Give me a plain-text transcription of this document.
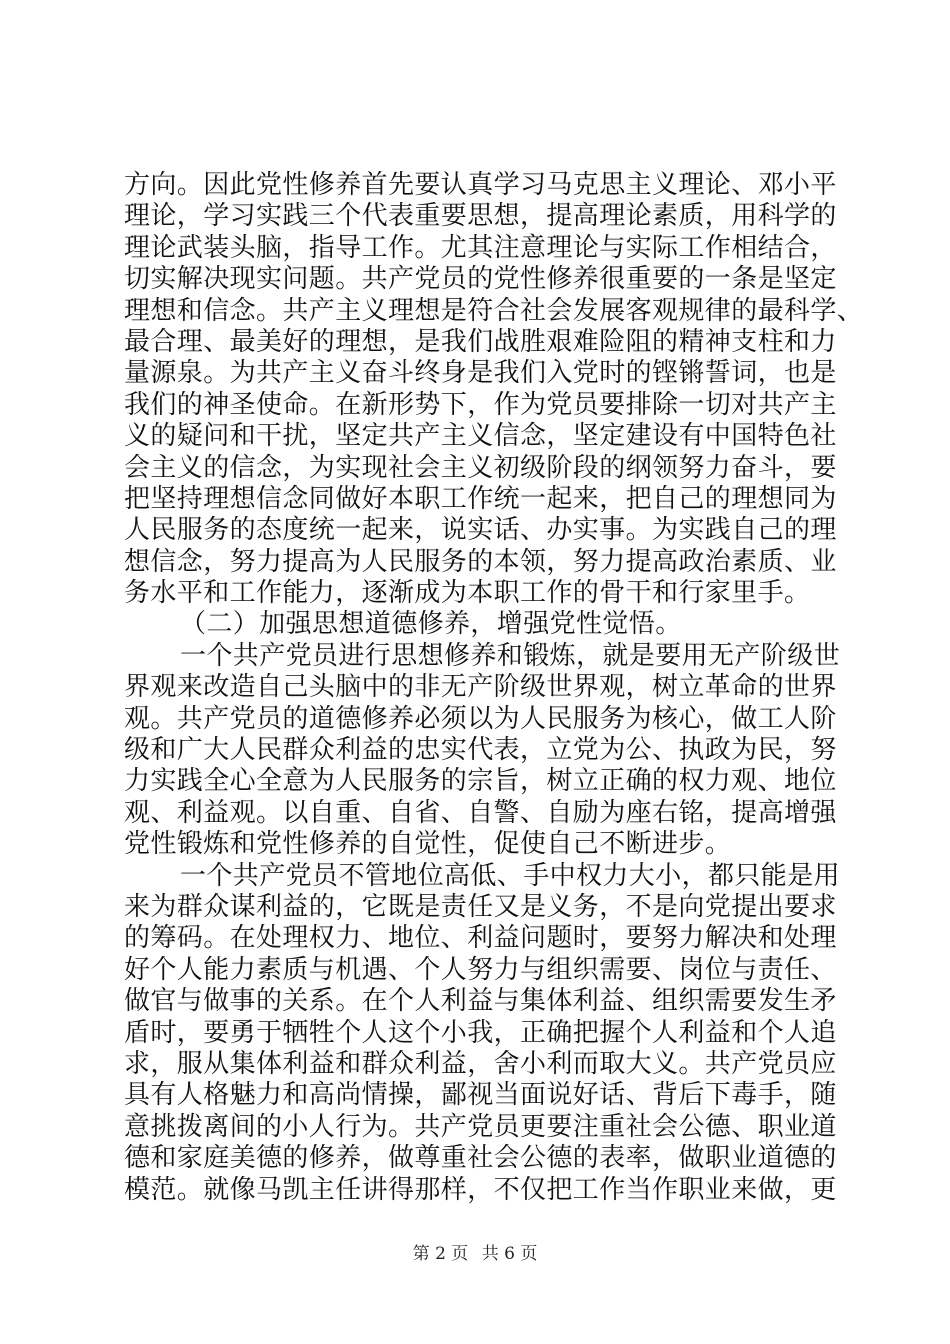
方向。因此党性修养首先要认真学习马克思主义理论、邓小平
理论，学习实践三个代表重要思想，提高理论素质，用科学的
理论武装头脑，指导工作。尤其注意理论与实际工作相结合，
切实解决现实问题。共产党员的党性修养很重要的一条是坚定
理想和信念。共产主义理想是符合社会发展客观规律的最科学、
最合理、最美好的理想，是我们战胜艰难险阻的精神支柱和力
量源泉。为共产主义奋斗终身是我们入党时的铿锵誓词，也是
我们的神圣使命。在新形势下，作为党员要排除一切对共产主
义的疑问和干扰，坚定共产主义信念，坚定建设有中国特色社
会主义的信念，为实现社会主义初级阶段的纲领努力奋斗，要
把坚持理想信念同做好本职工作统一起来，把自己的理想同为
人民服务的态度统一起来，说实话、办实事。为实践自己的理
想信念，努力提高为人民服务的本领，努力提高政治素质、业
务水平和工作能力，逐渐成为本职工作的骨干和行家里手。
（二）加强思想道德修养，增强党性觉悟。
一个共产党员进行思想修养和锻炼，就是要用无产阶级世
界观来改造自己头脑中的非无产阶级世界观，树立革命的世界
观。共产党员的道德修养必须以为人民服务为核心，做工人阶
级和广大人民群众利益的忠实代表，立党为公、执政为民，努
力实践全心全意为人民服务的宗旨，树立正确的权力观、地位
观、利益观。以自重、自省、自警、自励为座右铭，提高增强
党性锻炼和党性修养的自觉性，促使自己不断进步。
一个共产党员不管地位高低、手中权力大小，都只能是用
来为群众谋利益的，它既是责任又是义务，不是向党提出要求
的筹码。在处理权力、地位、利益问题时，要努力解决和处理
好个人能力素质与机遇、个人努力与组织需要、岗位与责任、
做官与做事的关系。在个人利益与集体利益、组织需要发生矛
盾时，要勇于牺牲个人这个小我，正确把握个人利益和个人追
求，服从集体利益和群众利益，舍小利而取大义。共产党员应
具有人格魅力和高尚情操，鄙视当面说好话、背后下毒手，随
意挑拨离间的小人行为。共产党员更要注重社会公德、职业道
德和家庭美德的修养，做尊重社会公德的表率，做职业道德的
模范。就像马凯主任讲得那样，不仅把工作当作职业来做，更
第 2 页 共 6 页
